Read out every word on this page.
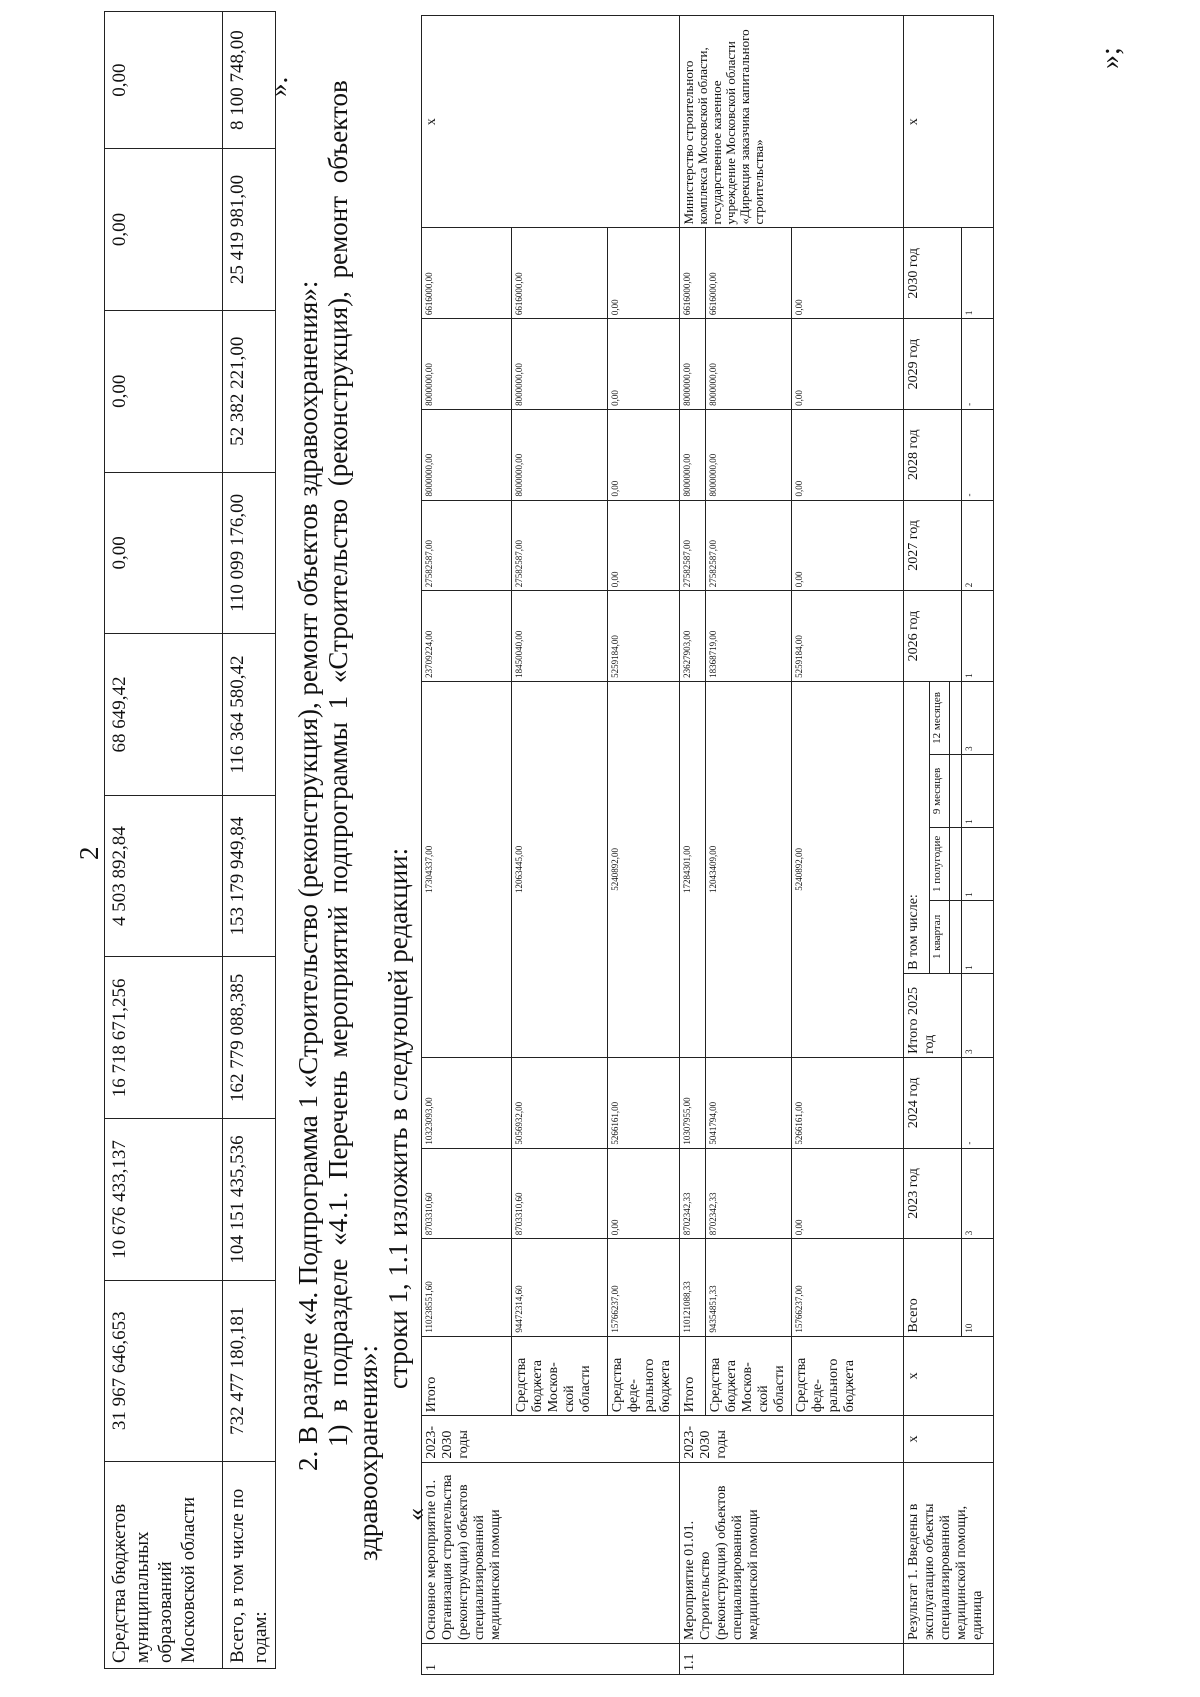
2
Средства бюджетов муниципальных образований Московской области	31 967 646,653	10 676 433,137	16 718 671,256	4 503 892,84	68 649,42	0,00	0,00	0,00	0,00
Всего, в том числе по годам:	732 477 180,181	104 151 435,536	162 779 088,385	153 179 949,84	116 364 580,42	110 099 176,00	52 382 221,00	25 419 981,00	8 100 748,00 ».
2. В разделе «4. Подпрограмма 1 «Строительство (реконструкция), ремонт объектов здравоохранения»: 1) в подразделе «4.1. Перечень мероприятий подпрограммы 1 «Строительство (реконструкция), ремонт объектов
здравоохранения»:
строки 1, 1.1 изложить в следующей редакции:
«
1	Основное мероприятие 01. Организация строительства (реконструкции) объектов специализированной медицинской помощи	2023-2030 годы	Итого	110238551,60	8703310,60	10323093,00	17304337,00					23709224,00	27582587,00	8000000,00	8000000,00	6616000,00	x
			Средства бюджета Москов-ской области	94472314,60	8703310,60	5056932,00	12063445,00					18450040,00	27582587,00	8000000,00	8000000,00	6616000,00	
			Средства феде-рального бюджета	15766237,00	0,00	5266161,00	5240892,00					5259184,00	0,00	0,00	0,00	0,00	
1.1	Мероприятие 01.01. Строительство (реконструкция) объектов специализированной медицинской помощи	2023-2030 годы	Итого	110121088,33	8702342,33	10307955,00	17284301,00					23627903,00	27582587,00	8000000,00	8000000,00	6616000,00	Министерство строительного комплекса Московской области, государственное казенное учреждение Московской области «Дирекция заказчика капитального строительства»
			Средства бюджета Москов-ской области	94354851,33	8702342,33	5041794,00	12043409,00					18368719,00	27582587,00	8000000,00	8000000,00	6616000,00	
			Средства феде-рального бюджета	15766237,00	0,00	5266161,00	5240892,00					5259184,00	0,00	0,00	0,00	0,00	
	Результат 1. Введены в эксплуатацию объекты специализированной медицинской помощи, единица	x	x	Всего	2023 год	2024 год	Итого 2025 год	В том числе:				2026 год	2027 год	2028 год	2029 год	2030 год	x
								1 квартал	1 полугодие	9 месяцев	12 месяцев						

				10	3	-	3	1	1	1	3	1	2	-	-	1	
»;
